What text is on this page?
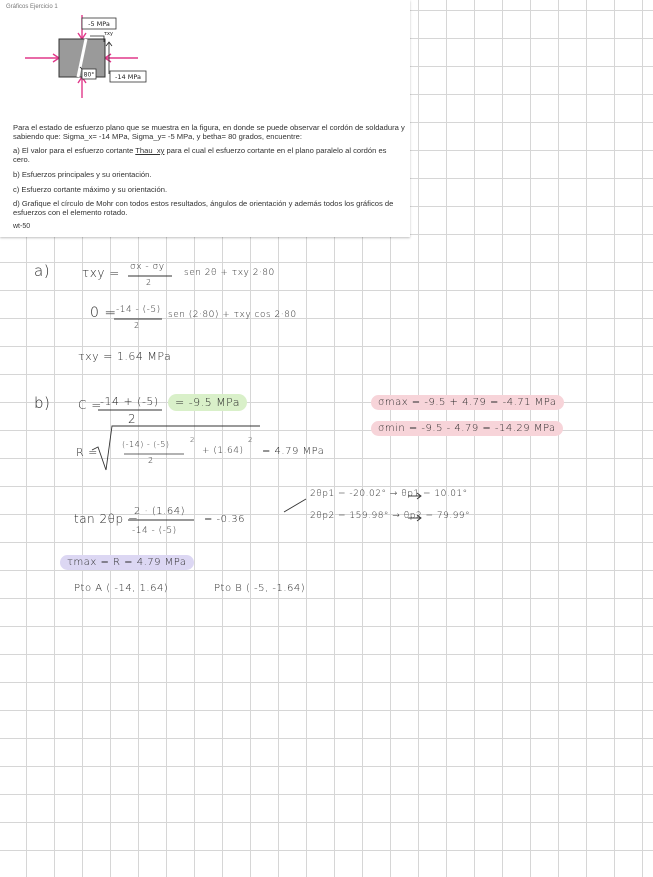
Gráficos Ejercicio 1
-5 MPa
τxy
80°	-14 MPa
Para el estado de esfuerzo plano que se muestra en la figura, en donde se puede observar el cordón de soldadura y sabiendo que: Sigma_x= -14 MPa, Sigma_y= -5 MPa, y betha= 80 grados, encuentre:
a) El valor para el esfuerzo cortante Thau_xy para el cual el esfuerzo cortante en el plano paralelo al cordón es cero.
b) Esfuerzos principales y su orientación.
c) Esfuerzo cortante máximo y su orientación.
d) Grafique el círculo de Mohr con todos estos resultados, ángulos de orientación y además todos los gráficos de esfuerzos con el elemento rotado.
wt-50
a)	τxy = σx - σy
2
sen 2θ + τxy 2·80
0 = -14 - (-5)
2
sen (2·80) + τxy cos 2·80
τxy = 1.64 MPa
b) C =
-14 + (-5)
2
= -9.5 MPa	σmax = -9.5 + 4.79 = -4.71 MPa
σmin = -9.5 - 4.79 = -14.29 MPa
R =
(-14) - (-5)
2
2
+ (1.64)
2
= 4.79 MPa
2θp1 = -20.02° → θp1 = 10.01°
2θp2 = 159.98° → θp2 = 79.99°
tan 2θp =
2 · (1.64)
-14 - (-5)
= -0.36
τmax = R = 4.79 MPa
Pto A ( -14, 1.64)	Pto B ( -5, -1.64)
